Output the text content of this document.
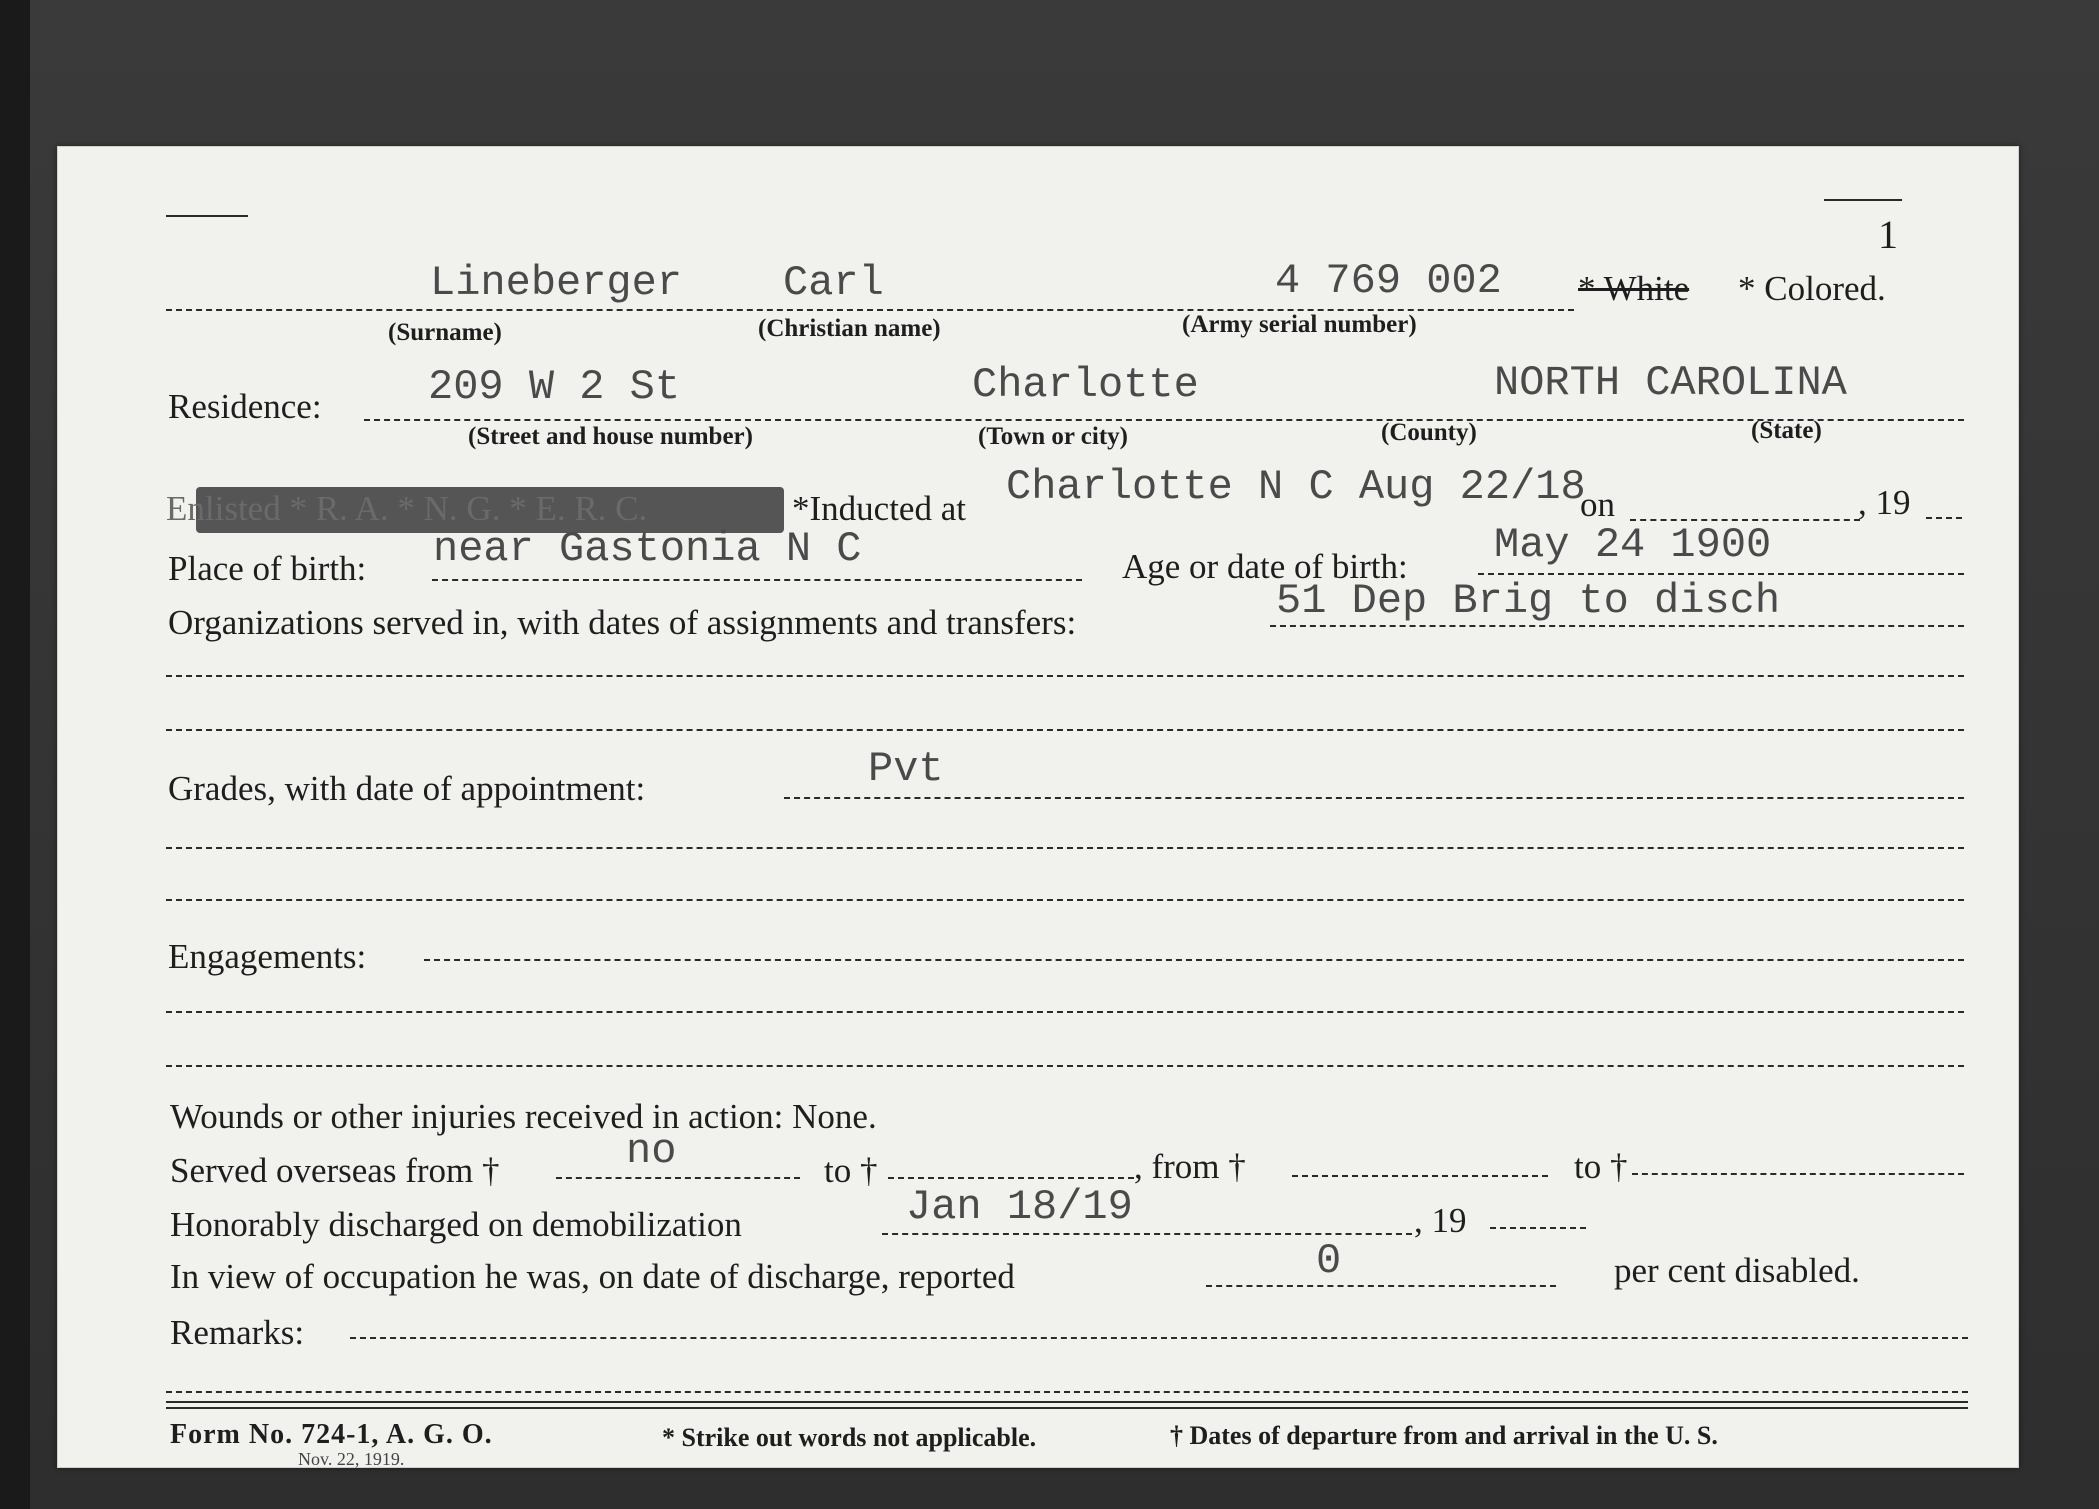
1
Lineberger Carl	4 769 002 * White * Colored.
(Surname)	(Christian name)	(Army serial number)
Residence:	209 W 2 St	Charlotte	NORTH CAROLINA
(Street and house number)	(Town or city)	(County)	(State)
Enlisted * R. A. * N. G. * E. R. C.	*Inducted at Charlotte N C Aug 22/18
on	, 19
Place of birth: near Gastonia N C	Age or date of birth: May 24 1900
Organizations served in, with dates of assignments and transfers:	51 Dep Brig to disch
Grades, with date of appointment:	Pvt
Engagements:
Wounds or other injuries received in action: None.
Served overseas from †	no	to †	, from †	to †
Honorably discharged on demobilization	Jan 18/19	, 19
In view of occupation he was, on date of discharge, reported	0	per cent disabled.
Remarks:
Form No. 724-1, A. G. O.
Nov. 22, 1919.
* Strike out words not applicable.	† Dates of departure from and arrival in the U. S.
